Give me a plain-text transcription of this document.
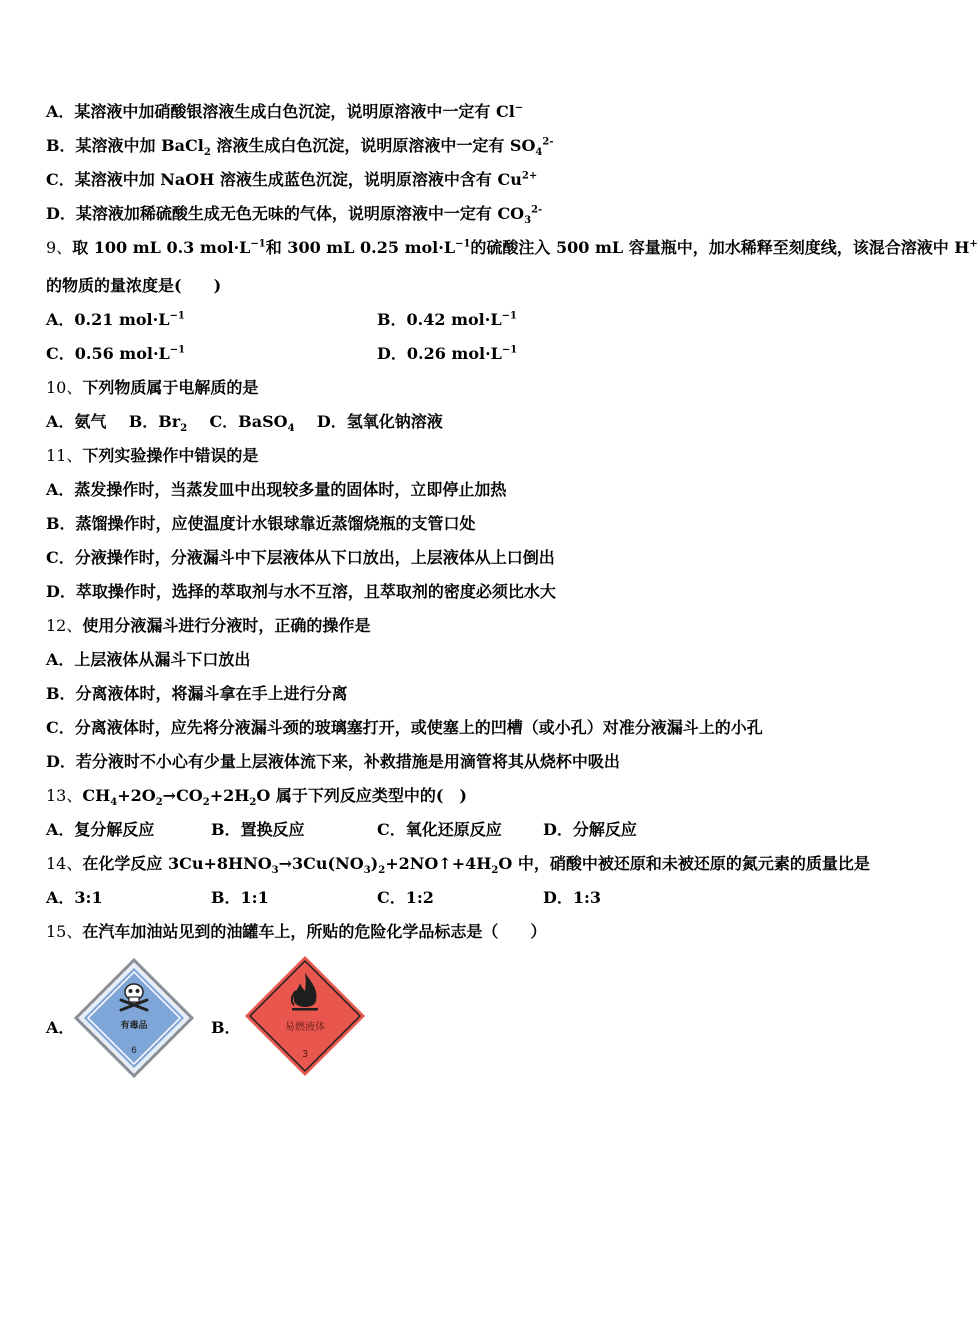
A．某溶液中加硝酸银溶液生成白色沉淀，说明原溶液中一定有 Cl−
B．某溶液中加 BaCl$_2$ 溶液生成白色沉淀，说明原溶液中一定有 $SO_4^{2-}$
C．某溶液中加 NaOH 溶液生成蓝色沉淀，说明原溶液中含有 $Cu^{2+}$
D．某溶液加稀硫酸生成无色无味的气体，说明原溶液中一定有 $CO_3^{2-}$
9、取 100 mL 0.3 $mol\cdot L^{-1}$和 300 mL 0.25 $mol\cdot L^{-1}$的硫酸注入 500 mL 容量瓶中，加水稀释至刻度线，该混合溶液中 H+
的物质的量浓度是(　　)
A．0.21 $mol\cdot L^{-1}$	B．0.42 $mol\cdot L^{-1}$
C．0.56 $mol\cdot L^{-1}$	D．0.26 $mol\cdot L^{-1}$
10、下列物质属于电解质的是
A．氨气 B．$Br_2$ C．BaSO$_4$ D．氢氧化钠溶液
11、下列实验操作中错误的是
A．蒸发操作时，当蒸发皿中出现较多量的固体时，立即停止加热
B．蒸馏操作时，应使温度计水银球靠近蒸馏烧瓶的支管口处
C．分液操作时，分液漏斗中下层液体从下口放出，上层液体从上口倒出
D．萃取操作时，选择的萃取剂与水不互溶，且萃取剂的密度必须比水大
12、使用分液漏斗进行分液时，正确的操作是
A．上层液体从漏斗下口放出
B．分离液体时，将漏斗拿在手上进行分离
C．分离液体时，应先将分液漏斗颈的玻璃塞打开，或使塞上的凹槽（或小孔）对准分液漏斗上的小孔
D．若分液时不小心有少量上层液体流下来，补救措施是用滴管将其从烧杯中吸出
13、$CH_4+2O_2\to CO_2+2H_2O$ 属于下列反应类型中的(　)
A．复分解反应	B．置换反应	C．氧化还原反应	D．分解反应
14、在化学反应 $3Cu+8HNO_3\to 3Cu(NO_3)_2+2NO↑+4H_2O$ 中，硝酸中被还原和未被还原的氮元素的质量比是
A．3:1	B．1:1	C．1:2	D．1:3
15、在汽车加油站见到的油罐车上，所贴的危险化学品标志是（　　）
A．	有毒品
6
B．	易燃液体
3
